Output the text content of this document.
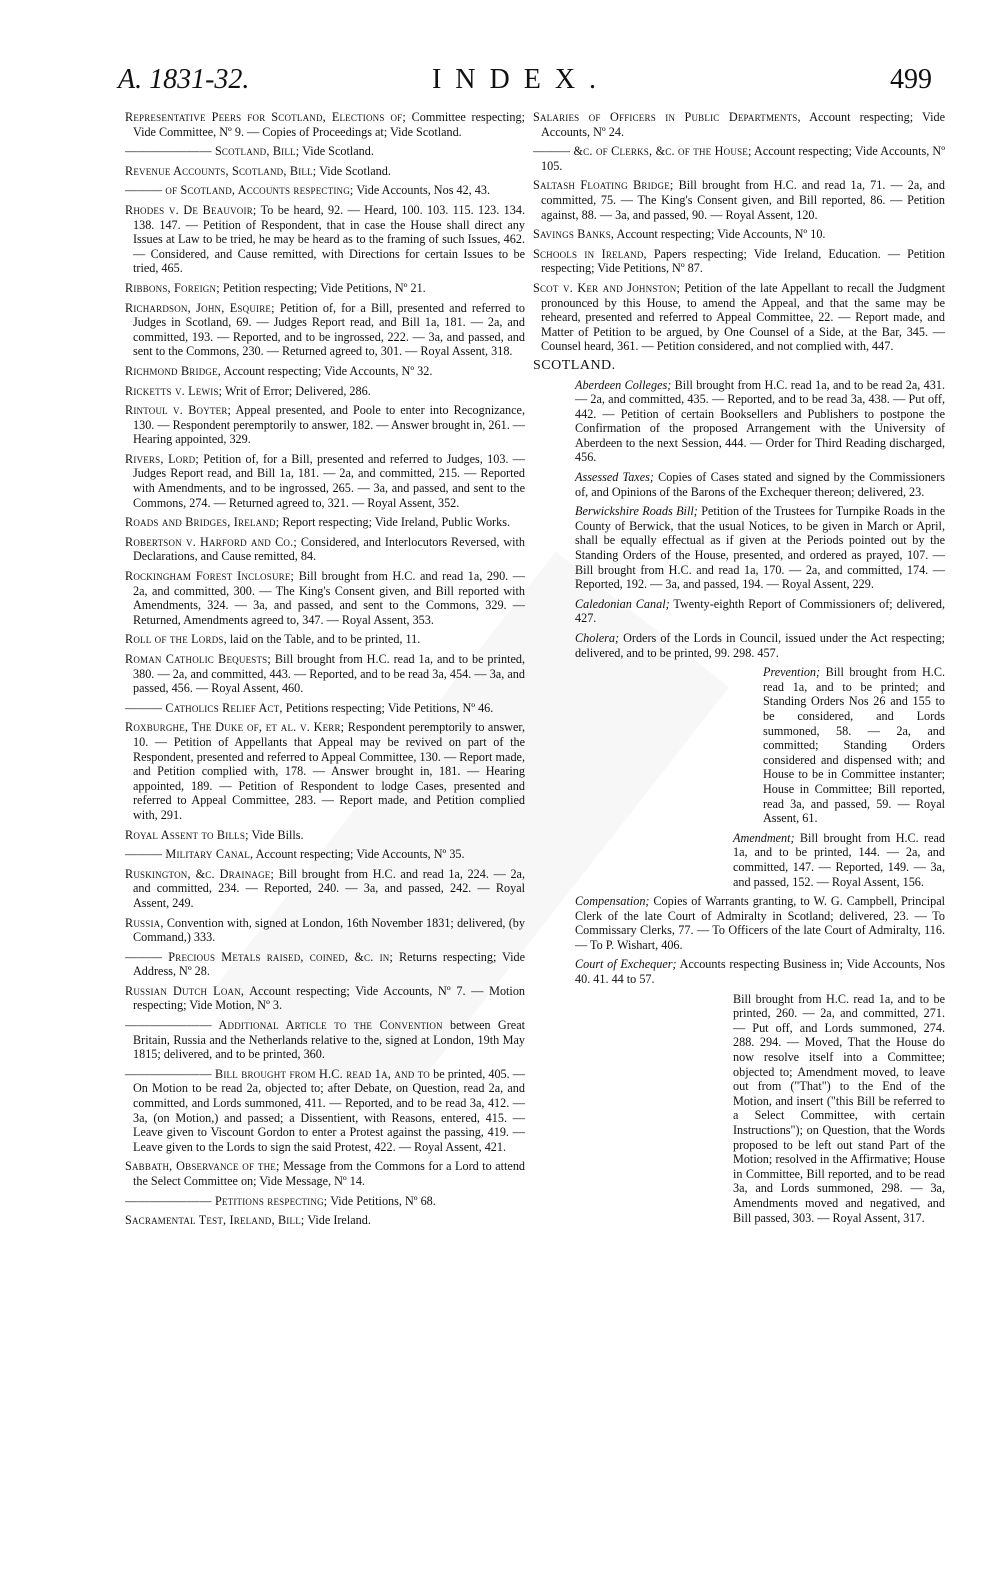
A. 1831-32.	INDEX.	499
Representative Peers for Scotland, Elections of; Committee respecting; Vide Committee, Nº 9. — Copies of Proceedings at; Vide Scotland.
——————— Scotland, Bill; Vide Scotland.
Revenue Accounts, Scotland, Bill; Vide Scotland.
——— of Scotland, Accounts respecting; Vide Accounts, Nos 42, 43.
Rhodes v. De Beauvoir; To be heard, 92. — Heard, 100. 103. 115. 123. 134. 138. 147. — Petition of Respondent, that in case the House shall direct any Issues at Law to be tried, he may be heard as to the framing of such Issues, 462. — Considered, and Cause remitted, with Directions for certain Issues to be tried, 465.
Ribbons, Foreign; Petition respecting; Vide Petitions, Nº 21.
Richardson, John, Esquire; Petition of, for a Bill, presented and referred to Judges in Scotland, 69. — Judges Report read, and Bill 1a, 181. — 2a, and committed, 193. — Reported, and to be ingrossed, 222. — 3a, and passed, and sent to the Commons, 230. — Returned agreed to, 301. — Royal Assent, 318.
Richmond Bridge, Account respecting; Vide Accounts, Nº 32.
Ricketts v. Lewis; Writ of Error; Delivered, 286.
Rintoul v. Boyter; Appeal presented, and Poole to enter into Recognizance, 130. — Respondent peremptorily to answer, 182. — Answer brought in, 261. — Hearing appointed, 329.
Rivers, Lord; Petition of, for a Bill, presented and referred to Judges, 103. — Judges Report read, and Bill 1a, 181. — 2a, and committed, 215. — Reported with Amendments, and to be ingrossed, 265. — 3a, and passed, and sent to the Commons, 274. — Returned agreed to, 321. — Royal Assent, 352.
Roads and Bridges, Ireland; Report respecting; Vide Ireland, Public Works.
Robertson v. Harford and Co.; Considered, and Interlocutors Reversed, with Declarations, and Cause remitted, 84.
Rockingham Forest Inclosure; Bill brought from H.C. and read 1a, 290. — 2a, and committed, 300. — The King's Consent given, and Bill reported with Amendments, 324. — 3a, and passed, and sent to the Commons, 329. — Returned, Amendments agreed to, 347. — Royal Assent, 353.
Roll of the Lords, laid on the Table, and to be printed, 11.
Roman Catholic Bequests; Bill brought from H.C. read 1a, and to be printed, 380. — 2a, and committed, 443. — Reported, and to be read 3a, 454. — 3a, and passed, 456. — Royal Assent, 460.
——— Catholics Relief Act, Petitions respecting; Vide Petitions, Nº 46.
Roxburghe, The Duke of, et al. v. Kerr; Respondent peremptorily to answer, 10. — Petition of Appellants that Appeal may be revived on part of the Respondent, presented and referred to Appeal Committee, 130. — Report made, and Petition complied with, 178. — Answer brought in, 181. — Hearing appointed, 189. — Petition of Respondent to lodge Cases, presented and referred to Appeal Committee, 283. — Report made, and Petition complied with, 291.
Royal Assent to Bills; Vide Bills.
——— Military Canal, Account respecting; Vide Accounts, Nº 35.
Ruskington, &c. Drainage; Bill brought from H.C. and read 1a, 224. — 2a, and committed, 234. — Reported, 240. — 3a, and passed, 242. — Royal Assent, 249.
Russia, Convention with, signed at London, 16th November 1831; delivered, (by Command,) 333.
——— Precious Metals raised, coined, &c. in; Returns respecting; Vide Address, Nº 28.
Russian Dutch Loan, Account respecting; Vide Accounts, Nº 7. — Motion respecting; Vide Motion, Nº 3.
——————— Additional Article to the Convention between Great Britain, Russia and the Netherlands relative to the, signed at London, 19th May 1815; delivered, and to be printed, 360.
——————— Bill brought from H.C. read 1a, and to be printed, 405. — On Motion to be read 2a, objected to; after Debate, on Question, read 2a, and committed, and Lords summoned, 411. — Reported, and to be read 3a, 412. — 3a, (on Motion,) and passed; a Dissentient, with Reasons, entered, 415. — Leave given to Viscount Gordon to enter a Protest against the passing, 419. — Leave given to the Lords to sign the said Protest, 422. — Royal Assent, 421.
Sabbath, Observance of the; Message from the Commons for a Lord to attend the Select Committee on; Vide Message, Nº 14.
——————— Petitions respecting; Vide Petitions, Nº 68.
Sacramental Test, Ireland, Bill; Vide Ireland.
Salaries of Officers in Public Departments, Account respecting; Vide Accounts, Nº 24.
——— &c. of Clerks, &c. of the House; Account respecting; Vide Accounts, Nº 105.
Saltash Floating Bridge; Bill brought from H.C. and read 1a, 71. — 2a, and committed, 75. — The King's Consent given, and Bill reported, 86. — Petition against, 88. — 3a, and passed, 90. — Royal Assent, 120.
Savings Banks, Account respecting; Vide Accounts, Nº 10.
Schools in Ireland, Papers respecting; Vide Ireland, Education. — Petition respecting; Vide Petitions, Nº 87.
Scot v. Ker and Johnston; Petition of the late Appellant to recall the Judgment pronounced by this House, to amend the Appeal, and that the same may be reheard, presented and referred to Appeal Committee, 22. — Report made, and Matter of Petition to be argued, by One Counsel of a Side, at the Bar, 345. — Counsel heard, 361. — Petition considered, and not complied with, 447.
SCOTLAND.
Aberdeen Colleges; Bill brought from H.C. read 1a, and to be read 2a, 431. — 2a, and committed, 435. — Reported, and to be read 3a, 438. — Put off, 442. — Petition of certain Booksellers and Publishers to postpone the Confirmation of the proposed Arrangement with the University of Aberdeen to the next Session, 444. — Order for Third Reading discharged, 456.
Assessed Taxes; Copies of Cases stated and signed by the Commissioners of, and Opinions of the Barons of the Exchequer thereon; delivered, 23.
Berwickshire Roads Bill; Petition of the Trustees for Turnpike Roads in the County of Berwick, that the usual Notices, to be given in March or April, shall be equally effectual as if given at the Periods pointed out by the Standing Orders of the House, presented, and ordered as prayed, 107. — Bill brought from H.C. and read 1a, 170. — 2a, and committed, 174. — Reported, 192. — 3a, and passed, 194. — Royal Assent, 229.
Caledonian Canal; Twenty-eighth Report of Commissioners of; delivered, 427.
Cholera; Orders of the Lords in Council, issued under the Act respecting; delivered, and to be printed, 99. 298. 457.
Prevention; Bill brought from H.C. read 1a, and to be printed; and Standing Orders Nos 26 and 155 to be considered, and Lords summoned, 58. — 2a, and committed; Standing Orders considered and dispensed with; and House to be in Committee instanter; House in Committee; Bill reported, read 3a, and passed, 59. — Royal Assent, 61.
Amendment; Bill brought from H.C. read 1a, and to be printed, 144. — 2a, and committed, 147. — Reported, 149. — 3a, and passed, 152. — Royal Assent, 156.
Compensation; Copies of Warrants granting, to W. G. Campbell, Principal Clerk of the late Court of Admiralty in Scotland; delivered, 23. — To Commissary Clerks, 77. — To Officers of the late Court of Admiralty, 116. — To P. Wishart, 406.
Court of Exchequer; Accounts respecting Business in; Vide Accounts, Nos 40. 41. 44 to 57.
Bill brought from H.C. read 1a, and to be printed, 260. — 2a, and committed, 271. — Put off, and Lords summoned, 274. 288. 294. — Moved, That the House do now resolve itself into a Committee; objected to; Amendment moved, to leave out from ("That") to the End of the Motion, and insert ("this Bill be referred to a Select Committee, with certain Instructions"); on Question, that the Words proposed to be left out stand Part of the Motion; resolved in the Affirmative; House in Committee, Bill reported, and to be read 3a, and Lords summoned, 298. — 3a, Amendments moved and negatived, and Bill passed, 303. — Royal Assent, 317.
